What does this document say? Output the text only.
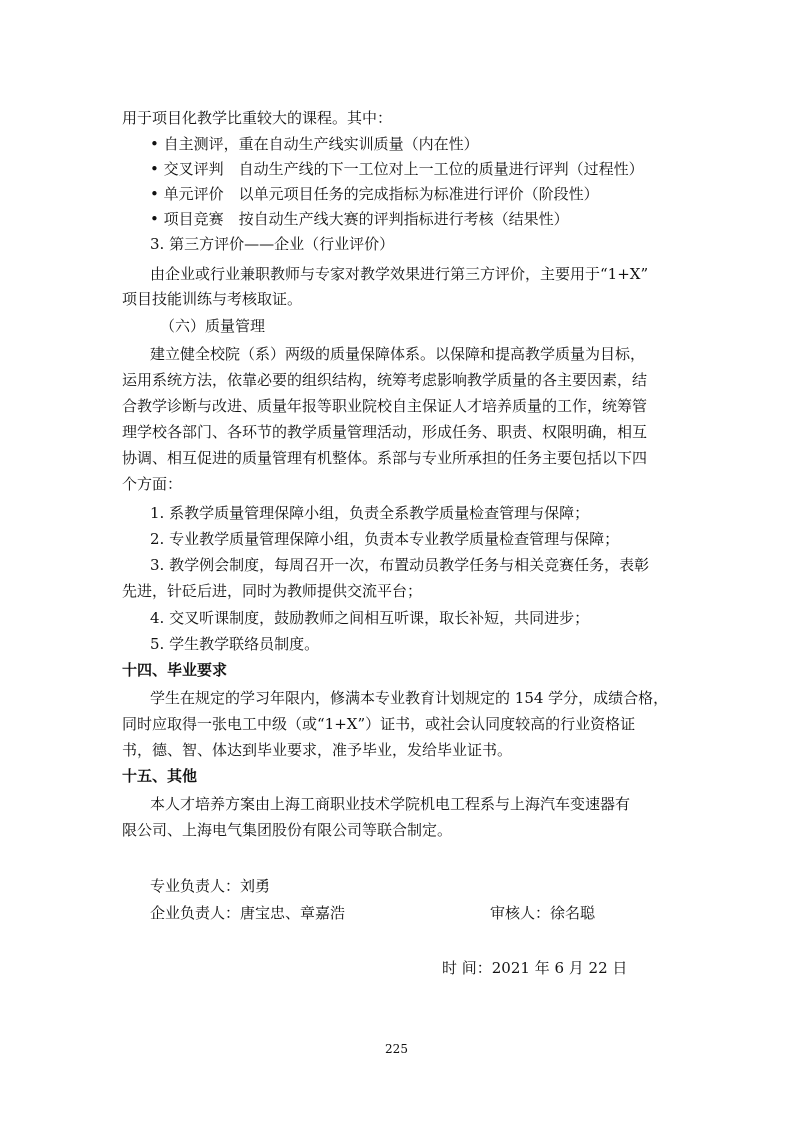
用于项目化教学比重较大的课程。其中：
• 自主测评，重在自动生产线实训质量（内在性）
• 交叉评判　自动生产线的下一工位对上一工位的质量进行评判（过程性）
• 单元评价　以单元项目任务的完成指标为标准进行评价（阶段性）
• 项目竞赛　按自动生产线大赛的评判指标进行考核（结果性）
3. 第三方评价——企业（行业评价）
由企业或行业兼职教师与专家对教学效果进行第三方评价，主要用于“1+X”
项目技能训练与考核取证。
（六）质量管理
建立健全校院（系）两级的质量保障体系。以保障和提高教学质量为目标，
运用系统方法，依靠必要的组织结构，统筹考虑影响教学质量的各主要因素，结
合教学诊断与改进、质量年报等职业院校自主保证人才培养质量的工作，统筹管
理学校各部门、各环节的教学质量管理活动，形成任务、职责、权限明确，相互
协调、相互促进的质量管理有机整体。系部与专业所承担的任务主要包括以下四
个方面：
1. 系教学质量管理保障小组，负责全系教学质量检查管理与保障；
2. 专业教学质量管理保障小组，负责本专业教学质量检查管理与保障；
3. 教学例会制度，每周召开一次，布置动员教学任务与相关竞赛任务，表彰
先进，针砭后进，同时为教师提供交流平台；
4. 交叉听课制度，鼓励教师之间相互听课，取长补短，共同进步；
5. 学生教学联络员制度。
十四、毕业要求
学生在规定的学习年限内，修满本专业教育计划规定的 154 学分，成绩合格，
同时应取得一张电工中级（或“1+X”）证书，或社会认同度较高的行业资格证
书，德、智、体达到毕业要求，准予毕业，发给毕业证书。
十五、其他
本人才培养方案由上海工商职业技术学院机电工程系与上海汽车变速器有
限公司、上海电气集团股份有限公司等联合制定。
专业负责人：刘勇
企业负责人：唐宝忠、章嘉浩	审核人：徐名聪
时 间：2021 年 6 月 22 日
225
